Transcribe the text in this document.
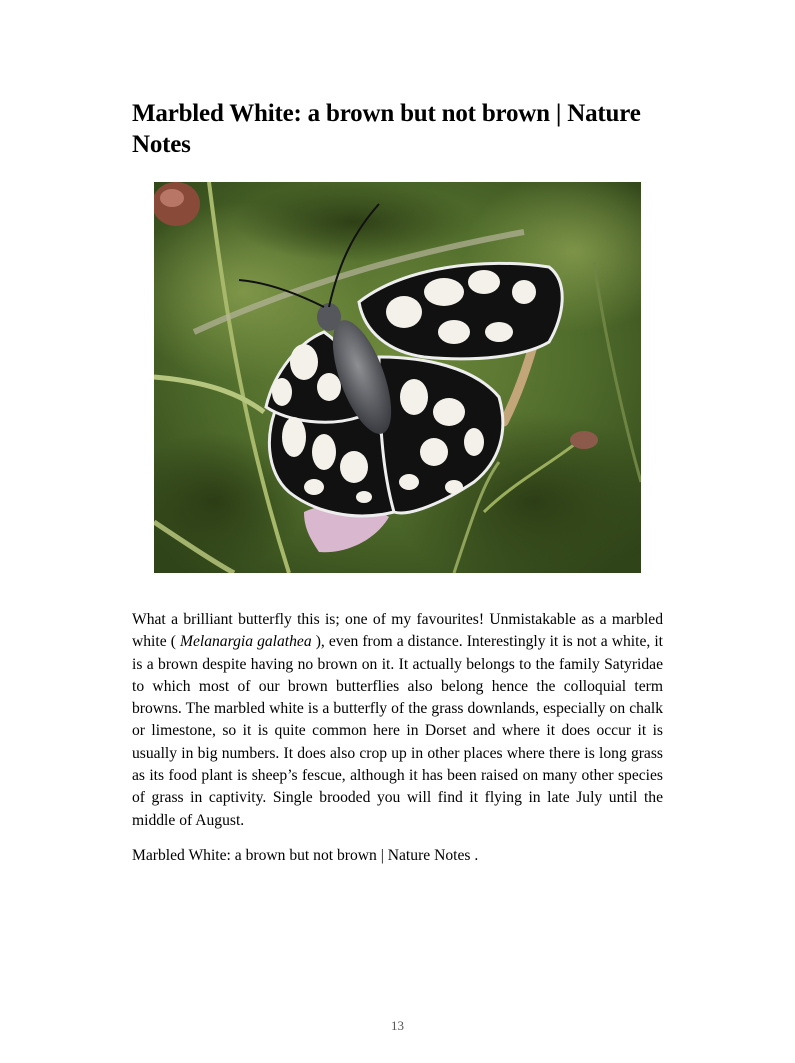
Marbled White: a brown but not brown | Nature Notes

What a brilliant butterfly this is; one of my favourites! Unmistakable as a marbled white ( Melanargia galathea ), even from a distance. Interestingly it is not a white, it is a brown despite having no brown on it. It actually belongs to the family Satyridae to which most of our brown butterflies also belong hence the colloquial term browns. The marbled white is a butterfly of the grass downlands, especially on chalk or limestone, so it is quite common here in Dorset and where it does occur it is usually in big numbers. It does also crop up in other places where there is long grass as its food plant is sheep’s fescue, although it has been raised on many other species of grass in captivity. Single brooded you will find it flying in late July until the middle of August.

Marbled White: a brown but not brown | Nature Notes .

13
